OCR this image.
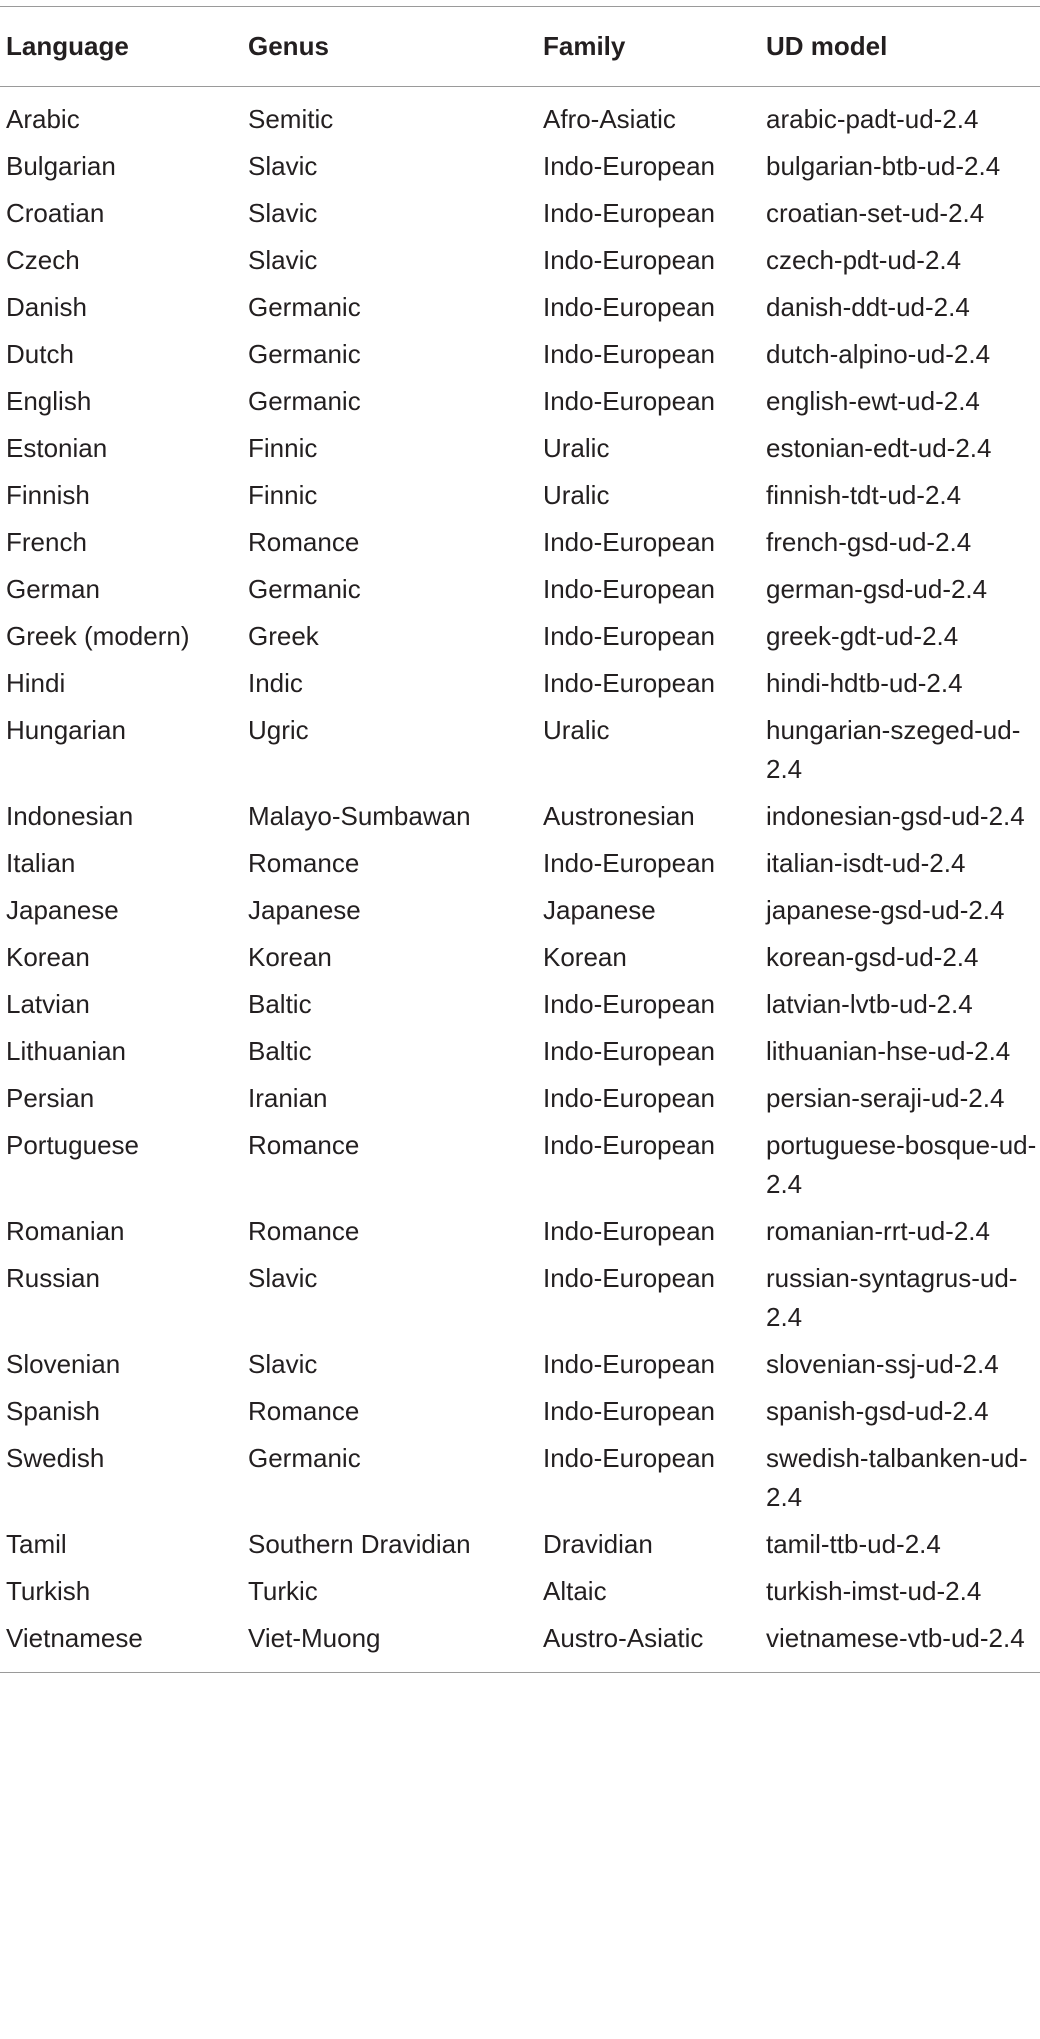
Language	Genus	Family	UD model
Arabic	Semitic	Afro-Asiatic	arabic-padt-ud-2.4
Bulgarian	Slavic	Indo-European	bulgarian-btb-ud-2.4
Croatian	Slavic	Indo-European	croatian-set-ud-2.4
Czech	Slavic	Indo-European	czech-pdt-ud-2.4
Danish	Germanic	Indo-European	danish-ddt-ud-2.4
Dutch	Germanic	Indo-European	dutch-alpino-ud-2.4
English	Germanic	Indo-European	english-ewt-ud-2.4
Estonian	Finnic	Uralic	estonian-edt-ud-2.4
Finnish	Finnic	Uralic	finnish-tdt-ud-2.4
French	Romance	Indo-European	french-gsd-ud-2.4
German	Germanic	Indo-European	german-gsd-ud-2.4
Greek (modern)	Greek	Indo-European	greek-gdt-ud-2.4
Hindi	Indic	Indo-European	hindi-hdtb-ud-2.4
Hungarian	Ugric	Uralic	hungarian-szeged-ud-2.4
Indonesian	Malayo-Sumbawan	Austronesian	indonesian-gsd-ud-2.4
Italian	Romance	Indo-European	italian-isdt-ud-2.4
Japanese	Japanese	Japanese	japanese-gsd-ud-2.4
Korean	Korean	Korean	korean-gsd-ud-2.4
Latvian	Baltic	Indo-European	latvian-lvtb-ud-2.4
Lithuanian	Baltic	Indo-European	lithuanian-hse-ud-2.4
Persian	Iranian	Indo-European	persian-seraji-ud-2.4
Portuguese	Romance	Indo-European	portuguese-bosque-ud-2.4
Romanian	Romance	Indo-European	romanian-rrt-ud-2.4
Russian	Slavic	Indo-European	russian-syntagrus-ud-2.4
Slovenian	Slavic	Indo-European	slovenian-ssj-ud-2.4
Spanish	Romance	Indo-European	spanish-gsd-ud-2.4
Swedish	Germanic	Indo-European	swedish-talbanken-ud-2.4
Tamil	Southern Dravidian	Dravidian	tamil-ttb-ud-2.4
Turkish	Turkic	Altaic	turkish-imst-ud-2.4
Vietnamese	Viet-Muong	Austro-Asiatic	vietnamese-vtb-ud-2.4
